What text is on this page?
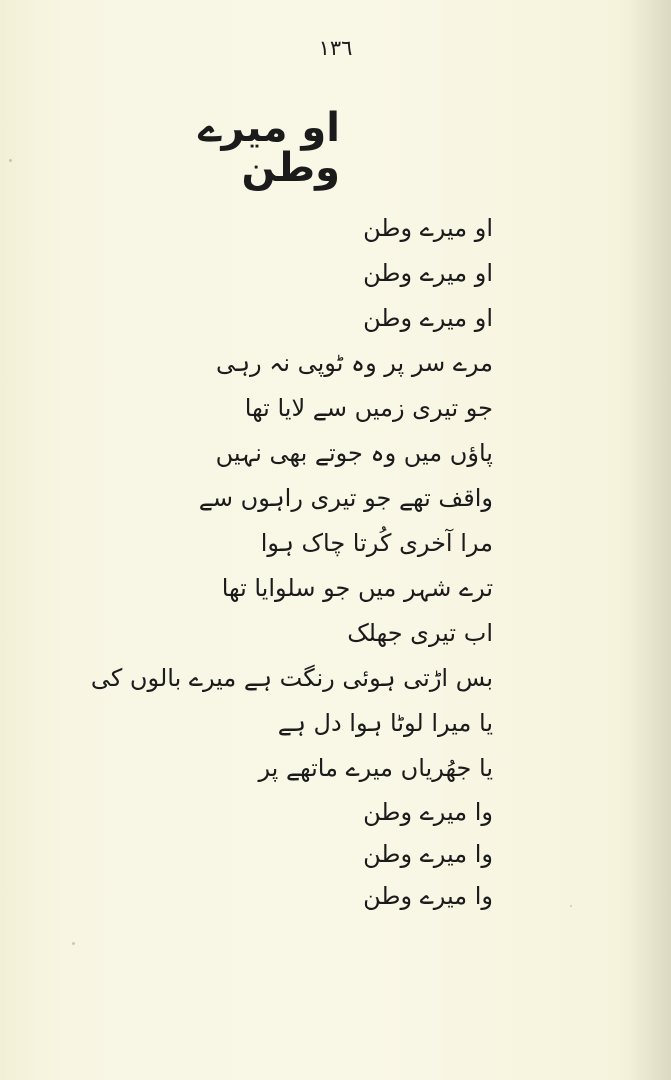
١٣٦
او میرے وطن
او میرے وطن
او میرے وطن
او میرے وطن
مرے سر پر وہ ٹوپی نہ رہی
جو تیری زمیں سے لایا تھا
پاؤں میں وہ جوتے بھی نہیں
واقف تھے جو تیری راہوں سے
مرا آخری کُرتا چاک ہوا
ترے شہر میں جو سلوایا تھا
اب تیری جھلک
بس اڑتی ہوئی رنگت ہے میرے بالوں کی
یا میرا لوٹا ہوا دل ہے
یا جھُریاں میرے ماتھے پر
وا میرے وطن
وا میرے وطن
وا میرے وطن
